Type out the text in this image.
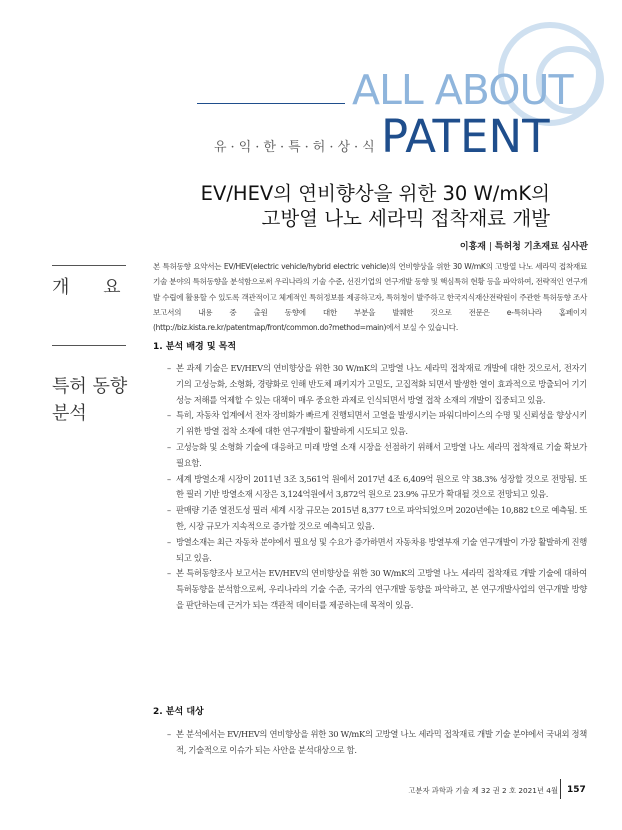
ALL ABOUT
PATENT
유·익·한·특·허·상·식
EV/HEV의 연비향상을 위한 30 W/mK의
고방열 나노 세라믹 접착재료 개발
이홍재 | 특허청 기초재료 심사관
개 요
특허 동향분석
본 특허동향 요약서는 EV/HEV(electric vehicle/hybrid electric vehicle)의 연비향상을 위한 30 W/mK의 고방열 나노 세라믹 접착재료 기술 분야의 특허동향을 분석함으로써 우리나라의 기술 수준, 선진기업의 연구개발 동향 및 핵심특허 현황 등을 파악하여, 전략적인 연구개발 수립에 활용할 수 있도록 객관적이고 체계적인 특허정보를 제공하고자, 특허청이 발주하고 한국지식재산전략원이 주관한 특허동향 조사 보고서의 내용 중 출원 동향에 대한 부분을 발췌한 것으로 전문은 e-특허나라 홈페이지(http://biz.kista.re.kr/patentmap/front/common.do?method=main)에서 보실 수 있습니다.
1. 분석 배경 및 목적
– 본 과제 기술은 EV/HEV의 연비향상을 위한 30 W/mK의 고방열 나노 세라믹 접착재료 개발에 대한 것으로서, 전자기기의 고성능화, 소형화, 경량화로 인해 반도체 패키지가 고밀도, 고집적화 되면서 발생한 열이 효과적으로 방출되어 기기 성능 저해를 억제할 수 있는 대책이 매우 중요한 과제로 인식되면서 방열 접착 소재의 개발이 집중되고 있음.
– 특히, 자동차 업계에서 전자 장비화가 빠르게 진행되면서 고열을 발생시키는 파워디바이스의 수명 및 신뢰성을 향상시키기 위한 방열 접착 소재에 대한 연구개발이 활발하게 시도되고 있음.
– 고성능화 및 소형화 기술에 대응하고 미래 방열 소재 시장을 선점하기 위해서 고방열 나노 세라믹 접착재료 기술 확보가 필요함.
– 세계 방열소재 시장이 2011년 3조 3,561억 원에서 2017년 4조 6,409억 원으로 약 38.3% 성장할 것으로 전망됨. 또한 필러 기반 방열소재 시장은 3,124억원에서 3,872억 원으로 23.9% 규모가 확대될 것으로 전망되고 있음.
– 판매량 기준 열전도성 필러 세계 시장 규모는 2015년 8,377 t으로 파악되었으며 2020년에는 10,882 t으로 예측됨. 또한, 시장 규모가 지속적으로 증가할 것으로 예측되고 있음.
– 방열소재는 최근 자동차 분야에서 필요성 및 수요가 증가하면서 자동차용 방열부재 기술 연구개발이 가장 활발하게 진행되고 있음.
– 본 특허동향조사 보고서는 EV/HEV의 연비향상을 위한 30 W/mK의 고방열 나노 세라믹 접착재료 개발 기술에 대하여 특허동향을 분석함으로써, 우리나라의 기술 수준, 국가의 연구개발 동향을 파악하고, 본 연구개발사업의 연구개발 방향을 판단하는데 근거가 되는 객관적 데이터를 제공하는데 목적이 있음.
2. 분석 대상
– 본 분석에서는 EV/HEV의 연비향상을 위한 30 W/mK의 고방열 나노 세라믹 접착재료 개발 기술 분야에서 국내외 정책적, 기술적으로 이슈가 되는 사안을 분석대상으로 함.
고분자 과학과 기술 제 32 권 2 호 2021년 4월 157
